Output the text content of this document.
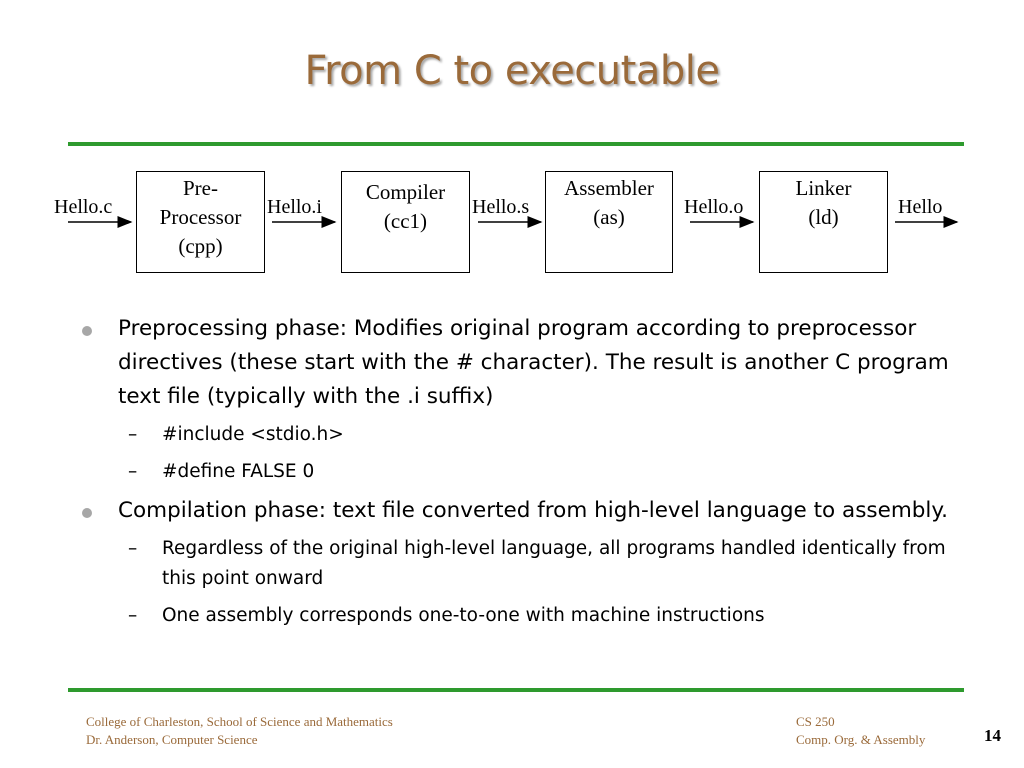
From C to executable
Hello.c	Hello.i	Hello.s	Hello.o	Hello
Pre-
Processor
(cpp)
Compiler
(cc1)
Assembler
(as)
Linker
(ld)
Preprocessing phase: Modifies original program according to preprocessor directives (these start with the # character). The result is another C program text file (typically with the .i suffix)
– #include <stdio.h>
– #define FALSE 0
Compilation phase: text file converted from high-level language to assembly.
– Regardless of the original high-level language, all programs handled identically from this point onward
– One assembly corresponds one-to-one with machine instructions
College of Charleston, School of Science and Mathematics
Dr. Anderson, Computer Science
CS 250
Comp. Org. & Assembly	14
